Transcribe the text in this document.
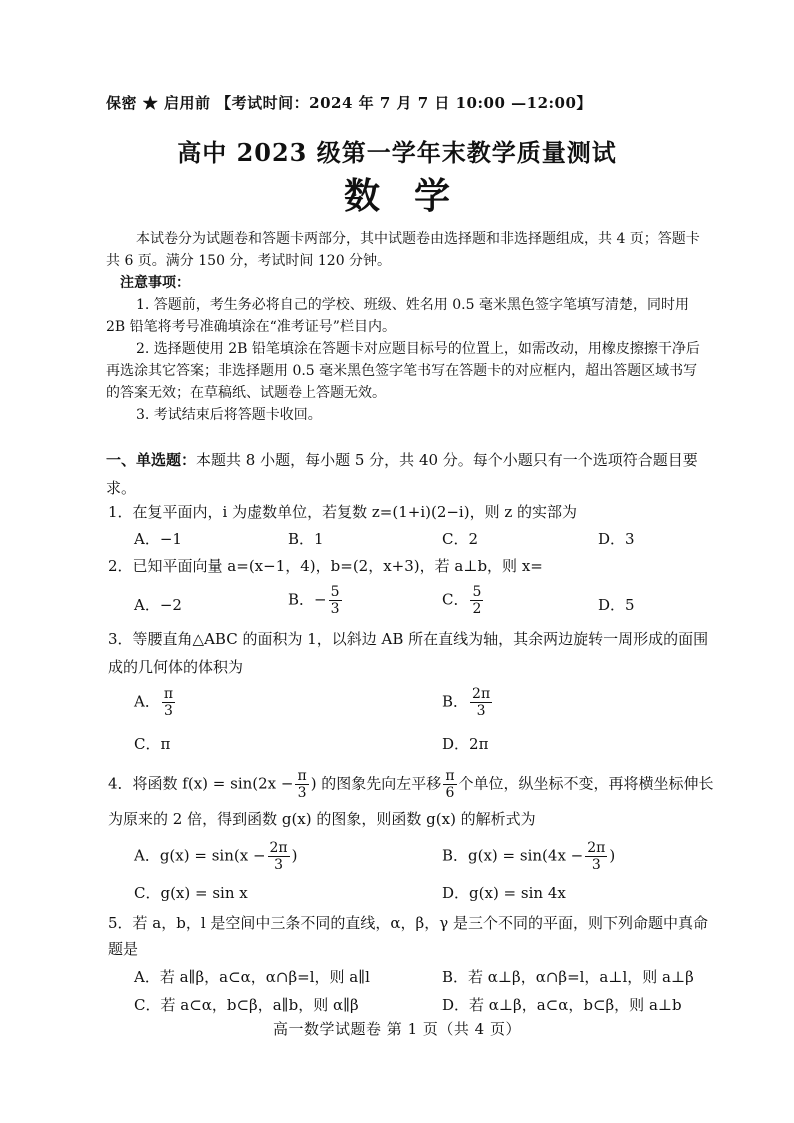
保密 ★ 启用前 【考试时间：2024 年 7 月 7 日 10:00 —12:00】
高中 2023 级第一学年末教学质量测试
数学

本试卷分为试题卷和答题卡两部分，其中试题卷由选择题和非选择题组成，共 4 页；答题卡共 6 页。满分 150 分，考试时间 120 分钟。

注意事项：

1. 答题前，考生务必将自己的学校、班级、姓名用 0.5 毫米黑色签字笔填写清楚，同时用 2B 铅笔将考号准确填涂在“准考证号”栏目内。

2. 选择题使用 2B 铅笔填涂在答题卡对应题目标号的位置上，如需改动，用橡皮擦擦干净后再选涂其它答案；非选择题用 0.5 毫米黑色签字笔书写在答题卡的对应框内，超出答题区域书写的答案无效；在草稿纸、试题卷上答题无效。

3. 考试结束后将答题卡收回。

一、单选题：本题共 8 小题，每小题 5 分，共 40 分。每个小题只有一个选项符合题目要求。
1．在复平面内，i 为虚数单位，若复数 z=(1+i)(2−i)，则 z 的实部为
A．−1	B．1	C．2	D．3
2．已知平面向量 a=(x−1，4)，b=(2，x+3)，若 a⊥b，则 x=
A．−2	B．− $\frac{5}{3}$	C． $\frac{5}{2}$	D．5
3．等腰直角△ABC 的面积为 1，以斜边 AB 所在直线为轴，其余两边旋转一周形成的面围
成的几何体的体积为
A． $\frac{\pi}{3}$	B． $\frac{2\pi}{3}$
C．π	D．2π
4．将函数 $f(x) = \sin(2x - \frac{\pi}{3}$ ) 的图象先向左平移 $\frac{\pi}{6}$ 个单位，纵坐标不变，再将横坐标伸长
为原来的 2 倍，得到函数 g(x) 的图象，则函数 g(x) 的解析式为
A．$g(x) = \sin(x - \frac{2\pi}{3}$ )	B．$g(x) = \sin(4x - \frac{2\pi}{3}$ )
C．g(x) = sin x	D．g(x) = sin 4x
5．若 a，b，l 是空间中三条不同的直线，α，β，γ 是三个不同的平面，则下列命题中真命
题是
A．若 a∥β，a⊂α，α∩β=l，则 a∥l	B．若 α⊥β，α∩β=l，a⊥l，则 a⊥β
C．若 a⊂α，b⊂β，a∥b，则 α∥β	D．若 α⊥β，a⊂α，b⊂β，则 a⊥b
高一数学试题卷 第 1 页（共 4 页）
